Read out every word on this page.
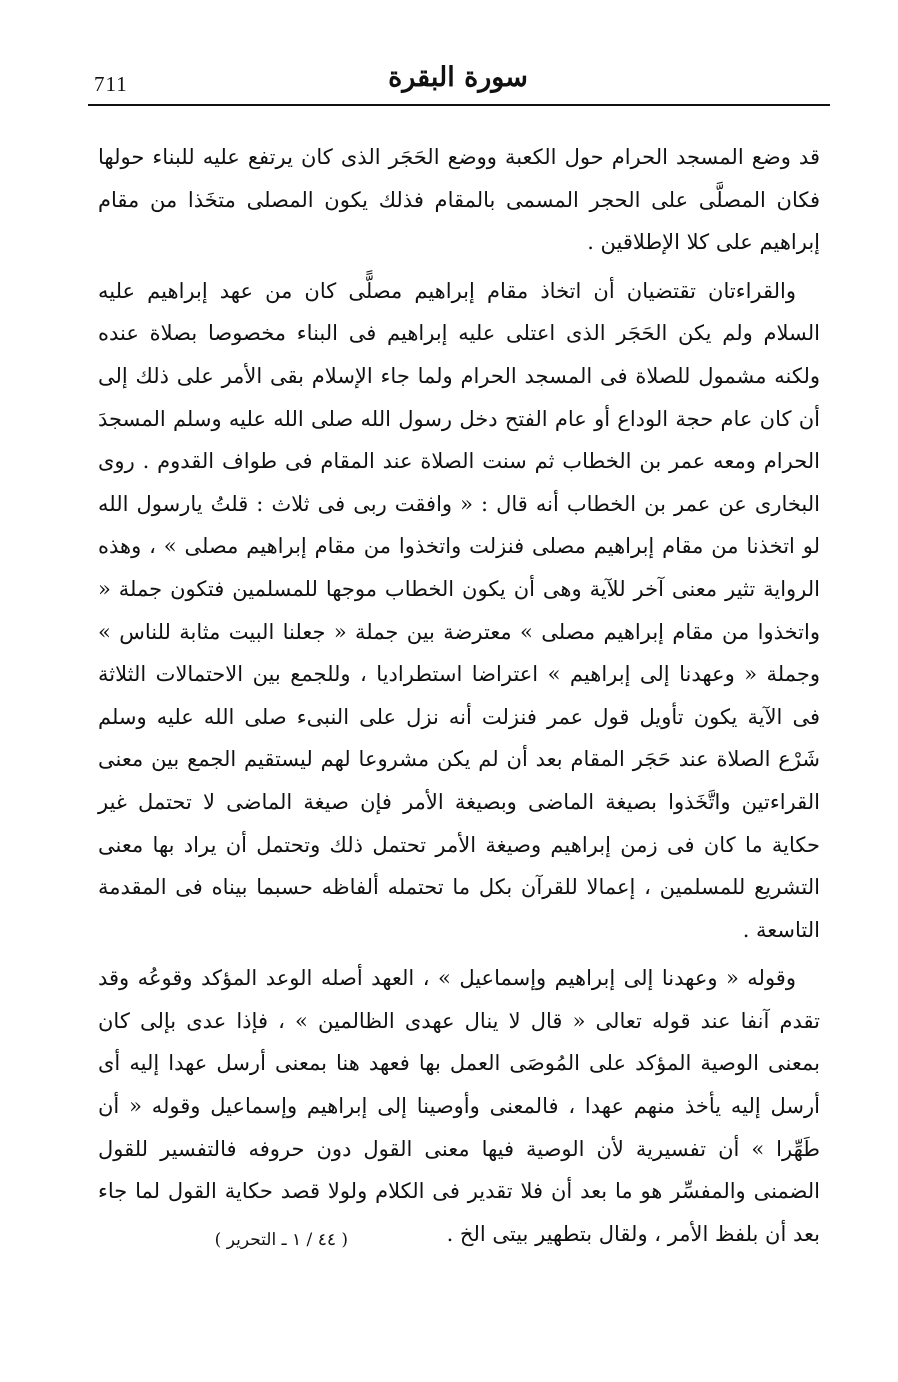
711	سورة البقرة

قد وضع المسجد الحرام حول الكعبة ووضع الحَجَر الذى كان يرتفع عليه للبناء حولها فكان المصلَّى على الحجر المسمى بالمقام فذلك يكون المصلى متخَذا من مقام إبراهيم على كلا الإطلاقين .

والقراءتان تقتضيان أن اتخاذ مقام إبراهيم مصلًّى كان من عهد إبراهيم عليه السلام ولم يكن الحَجَر الذى اعتلى عليه إبراهيم فى البناء مخصوصا بصلاة عنده ولكنه مشمول للصلاة فى المسجد الحرام ولما جاء الإسلام بقى الأمر على ذلك إلى أن كان عام حجة الوداع أو عام الفتح دخل رسول الله صلى الله عليه وسلم المسجدَ الحرام ومعه عمر بن الخطاب ثم سنت الصلاة عند المقام فى طواف القدوم . روى البخارى عن عمر بن الخطاب أنه قال : « وافقت ربى فى ثلاث : قلتُ يارسول الله لو اتخذنا من مقام إبراهيم مصلى فنزلت واتخذوا من مقام إبراهيم مصلى » ، وهذه الرواية تثير معنى آخر للآية وهى أن يكون الخطاب موجها للمسلمين فتكون جملة « واتخذوا من مقام إبراهيم مصلى » معترضة بين جملة « جعلنا البيت مثابة للناس » وجملة « وعهدنا إلى إبراهيم » اعتراضا استطراديا ، وللجمع بين الاحتمالات الثلاثة فى الآية يكون تأويل قول عمر فنزلت أنه نزل على النبىء صلى الله عليه وسلم شَرْع الصلاة عند حَجَر المقام بعد أن لم يكن مشروعا لهم ليستقيم الجمع بين معنى القراءتين واتَّخَذوا بصيغة الماضى وبصيغة الأمر فإن صيغة الماضى لا تحتمل غير حكاية ما كان فى زمن إبراهيم وصيغة الأمر تحتمل ذلك وتحتمل أن يراد بها معنى التشريع للمسلمين ، إعمالا للقرآن بكل ما تحتمله ألفاظه حسبما بيناه فى المقدمة التاسعة .

وقوله « وعهدنا إلى إبراهيم وإسماعيل » ، العهد أصله الوعد المؤكد وقوعُه وقد تقدم آنفا عند قوله تعالى « قال لا ينال عهدى الظالمين » ، فإذا عدى بإلى كان بمعنى الوصية المؤكد على المُوصَى العمل بها فعهد هنا بمعنى أرسل عهدا إليه أى أرسل إليه يأخذ منهم عهدا ، فالمعنى وأوصينا إلى إبراهيم وإسماعيل وقوله « أن طَهِّرا » أن تفسيرية لأن الوصية فيها معنى القول دون حروفه فالتفسير للقول الضمنى والمفسِّر هو ما بعد أن فلا تقدير فى الكلام ولولا قصد حكاية القول لما جاء بعد أن بلفظ الأمر ، ولقال بتطهير بيتى الخ .

( ٤٤ / ١ ـ التحرير )
